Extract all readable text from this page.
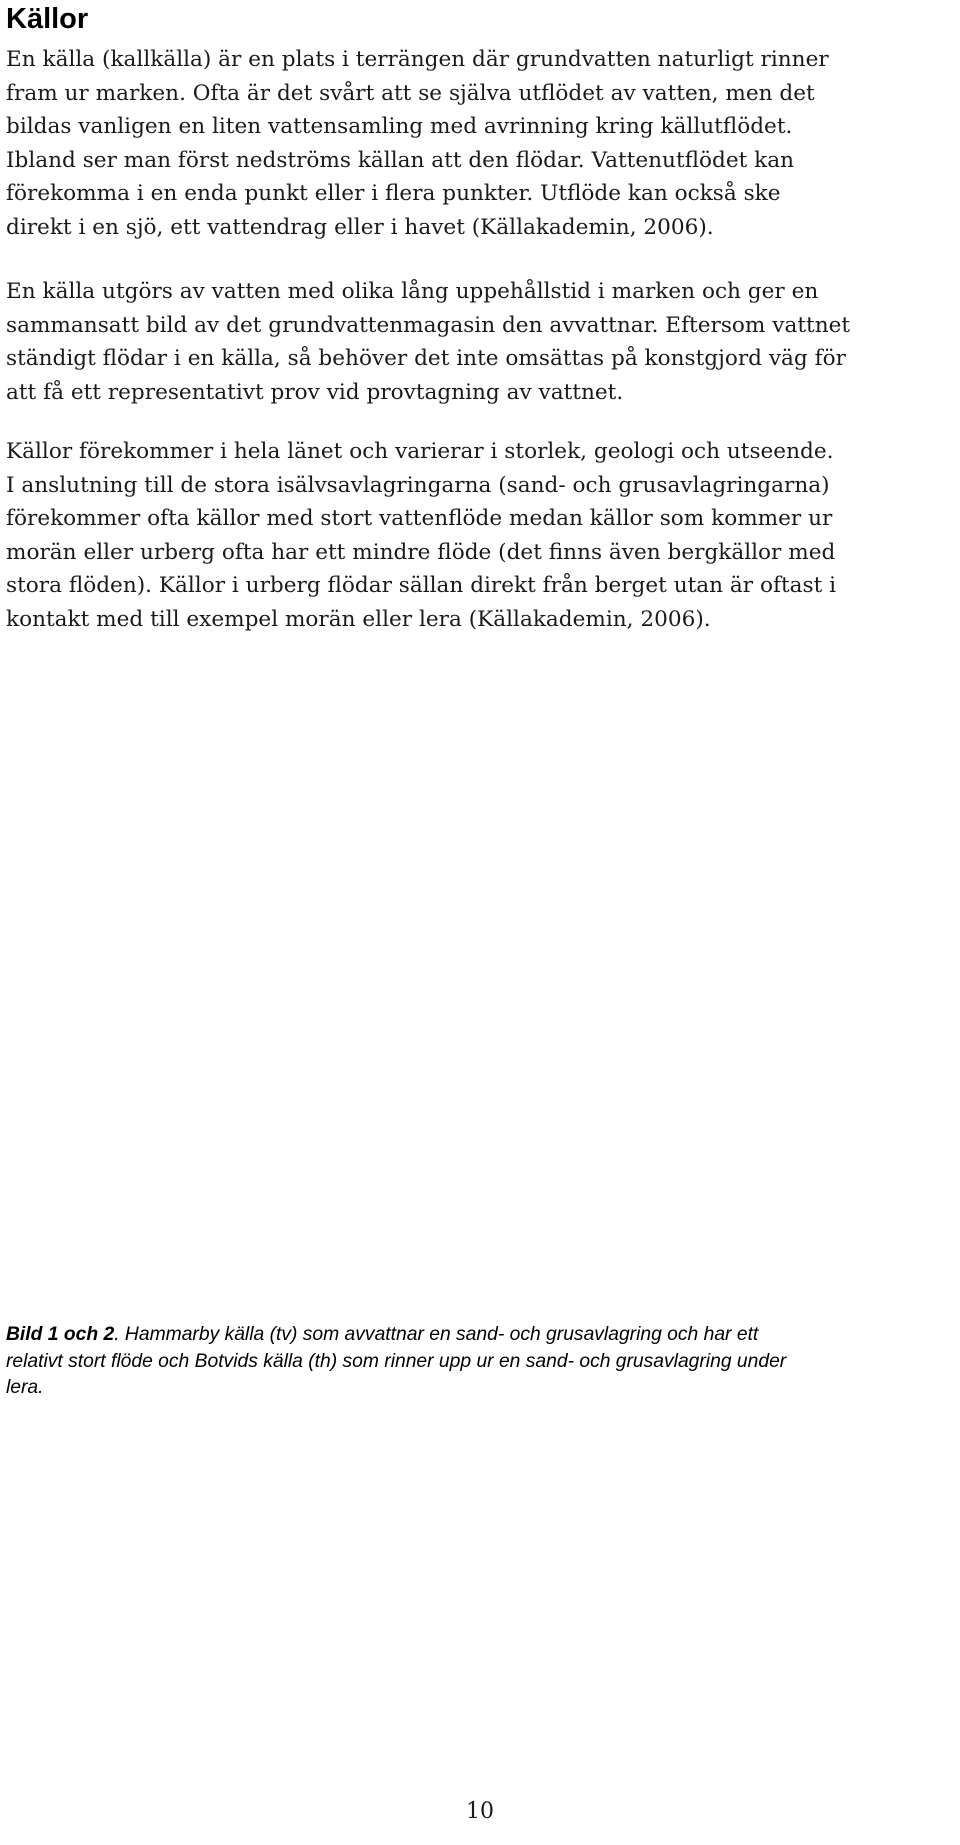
Källor

En källa (kallkälla) är en plats i terrängen där grundvatten naturligt rinner
fram ur marken. Ofta är det svårt att se själva utflödet av vatten, men det
bildas vanligen en liten vattensamling med avrinning kring källutflödet.
Ibland ser man först nedströms källan att den flödar. Vattenutflödet kan
förekomma i en enda punkt eller i flera punkter. Utflöde kan också ske
direkt i en sjö, ett vattendrag eller i havet (Källakademin, 2006).

En källa utgörs av vatten med olika lång uppehållstid i marken och ger en
sammansatt bild av det grundvattenmagasin den avvattnar. Eftersom vattnet
ständigt flödar i en källa, så behöver det inte omsättas på konstgjord väg för
att få ett representativt prov vid provtagning av vattnet.

Källor förekommer i hela länet och varierar i storlek, geologi och utseende.
I anslutning till de stora isälvsavlagringarna (sand- och grusavlagringarna)
förekommer ofta källor med stort vattenflöde medan källor som kommer ur
morän eller urberg ofta har ett mindre flöde (det finns även bergkällor med
stora flöden). Källor i urberg flödar sällan direkt från berget utan är oftast i
kontakt med till exempel morän eller lera (Källakademin, 2006).

Bild 1 och 2. Hammarby källa (tv) som avvattnar en sand- och grusavlagring och har ett
relativt stort flöde och Botvids källa (th) som rinner upp ur en sand- och grusavlagring under
lera.

10
